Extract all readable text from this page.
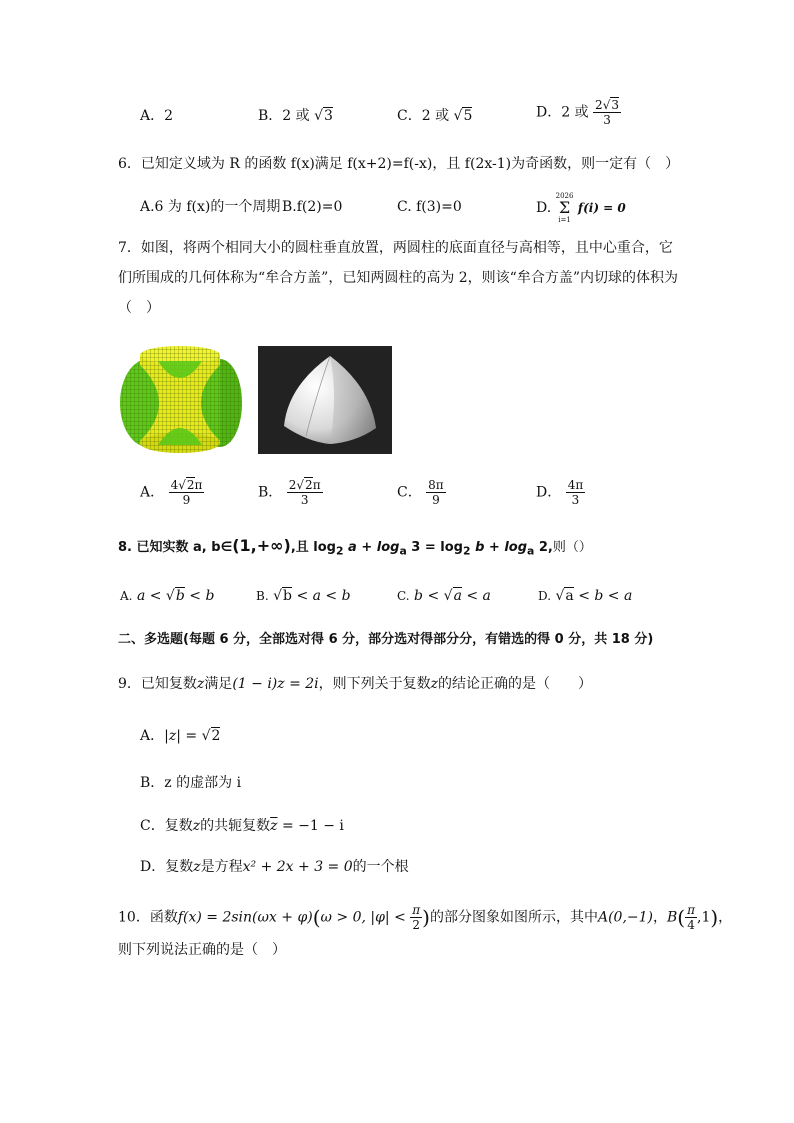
A．2	B．2 或 √3	C．2 或 √5	D．2 或 $\frac{2√3}{3}$
6．已知定义域为 R 的函数 f(x)满足 f(x+2)=f(-x)，且 f(2x-1)为奇函数，则一定有（　）
A.6 为 f(x)的一个周期 B.f(2)=0	C. f(3)=0	D. 2026
Σ
i=1 f(i) = 0
7．如图，将两个相同大小的圆柱垂直放置，两圆柱的底面直径与高相等，且中心重合，它
们所围成的几何体称为“牟合方盖”，已知两圆柱的高为 2，则该“牟合方盖”内切球的体积为
（　）
A． $\frac{4√2\pi}{9}$	B． $\frac{2√2\pi}{3}$	C． $\frac{8\pi}{9}$	D． $\frac{4\pi}{3}$
8. 已知实数 a, b∈(1,+∞),且 $\log_2 a + \log_a 3 = \log_2 b + \log_a 2$,则（）
A. a < √b < b	B. √b < a < b	C. b < √a < a	D. √a < b < a
二、多选题(每题 6 分，全部选对得 6 分，部分选对得部分分，有错选的得 0 分，共 18 分)
9．已知复数z满足(1 − i)z = 2i，则下列关于复数z的结论正确的是（　　）
A．|z| = √2
B．z 的虚部为 i
C．复数z的共轭复数$\overline{z} = -1 - i$
D．复数z是方程x² + 2x + 3 = 0的一个根
10．函数f(x) = 2sin(ωx + φ)(ω > 0, $|\varphi| < \frac{\pi}{2}$ )的部分图象如图所示，其中A(0,−1)，$B( \frac{\pi}{4} ,1)$，
则下列说法正确的是（　）
